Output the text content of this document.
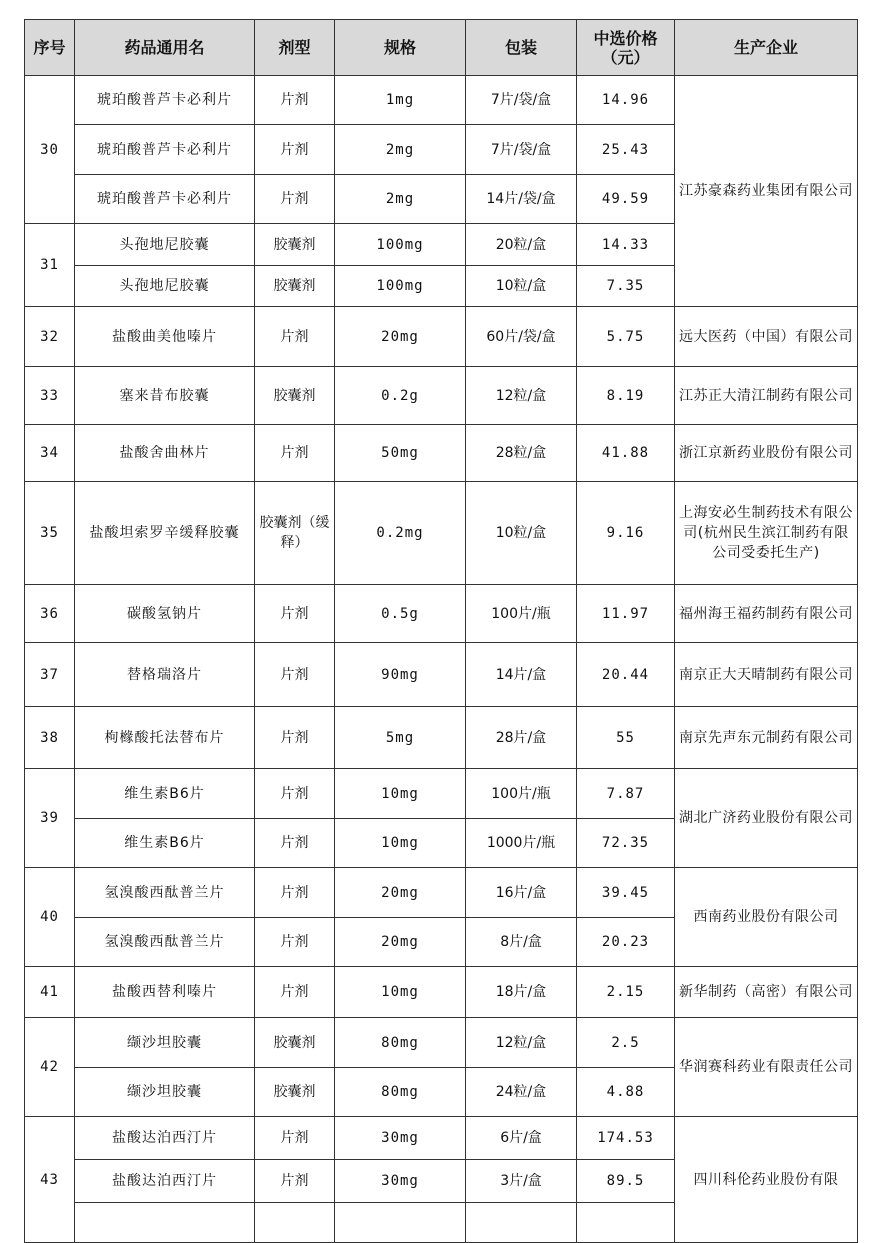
序号	药品通用名	剂型	规格	包装	中选价格（元）	生产企业
30	琥珀酸普芦卡必利片	片剂	1mg	7片/袋/盒	14.96	江苏豪森药业集团有限公司
	琥珀酸普芦卡必利片	片剂	2mg	7片/袋/盒	25.43	
	琥珀酸普芦卡必利片	片剂	2mg	14片/袋/盒	49.59	
31	头孢地尼胶囊	胶囊剂	100mg	20粒/盒	14.33	
	头孢地尼胶囊	胶囊剂	100mg	10粒/盒	7.35	
32	盐酸曲美他嗪片	片剂	20mg	60片/袋/盒	5.75	远大医药（中国）有限公司
33	塞来昔布胶囊	胶囊剂	0.2g	12粒/盒	8.19	江苏正大清江制药有限公司
34	盐酸舍曲林片	片剂	50mg	28粒/盒	41.88	浙江京新药业股份有限公司
35	盐酸坦索罗辛缓释胶囊	胶囊剂（缓释）	0.2mg	10粒/盒	9.16	上海安必生制药技术有限公司(杭州民生滨江制药有限公司受委托生产)
36	碳酸氢钠片	片剂	0.5g	100片/瓶	11.97	福州海王福药制药有限公司
37	替格瑞洛片	片剂	90mg	14片/盒	20.44	南京正大天晴制药有限公司
38	枸橼酸托法替布片	片剂	5mg	28片/盒	55	南京先声东元制药有限公司
39	维生素B6片	片剂	10mg	100片/瓶	7.87	湖北广济药业股份有限公司
	维生素B6片	片剂	10mg	1000片/瓶	72.35	
40	氢溴酸西酞普兰片	片剂	20mg	16片/盒	39.45	西南药业股份有限公司
	氢溴酸西酞普兰片	片剂	20mg	8片/盒	20.23	
41	盐酸西替利嗪片	片剂	10mg	18片/盒	2.15	新华制药（高密）有限公司
42	缬沙坦胶囊	胶囊剂	80mg	12粒/盒	2.5	华润赛科药业有限责任公司
	缬沙坦胶囊	胶囊剂	80mg	24粒/盒	4.88	
43	盐酸达泊西汀片	片剂	30mg	6片/盒	174.53	四川科伦药业股份有限
	盐酸达泊西汀片	片剂	30mg	3片/盒	89.5	
